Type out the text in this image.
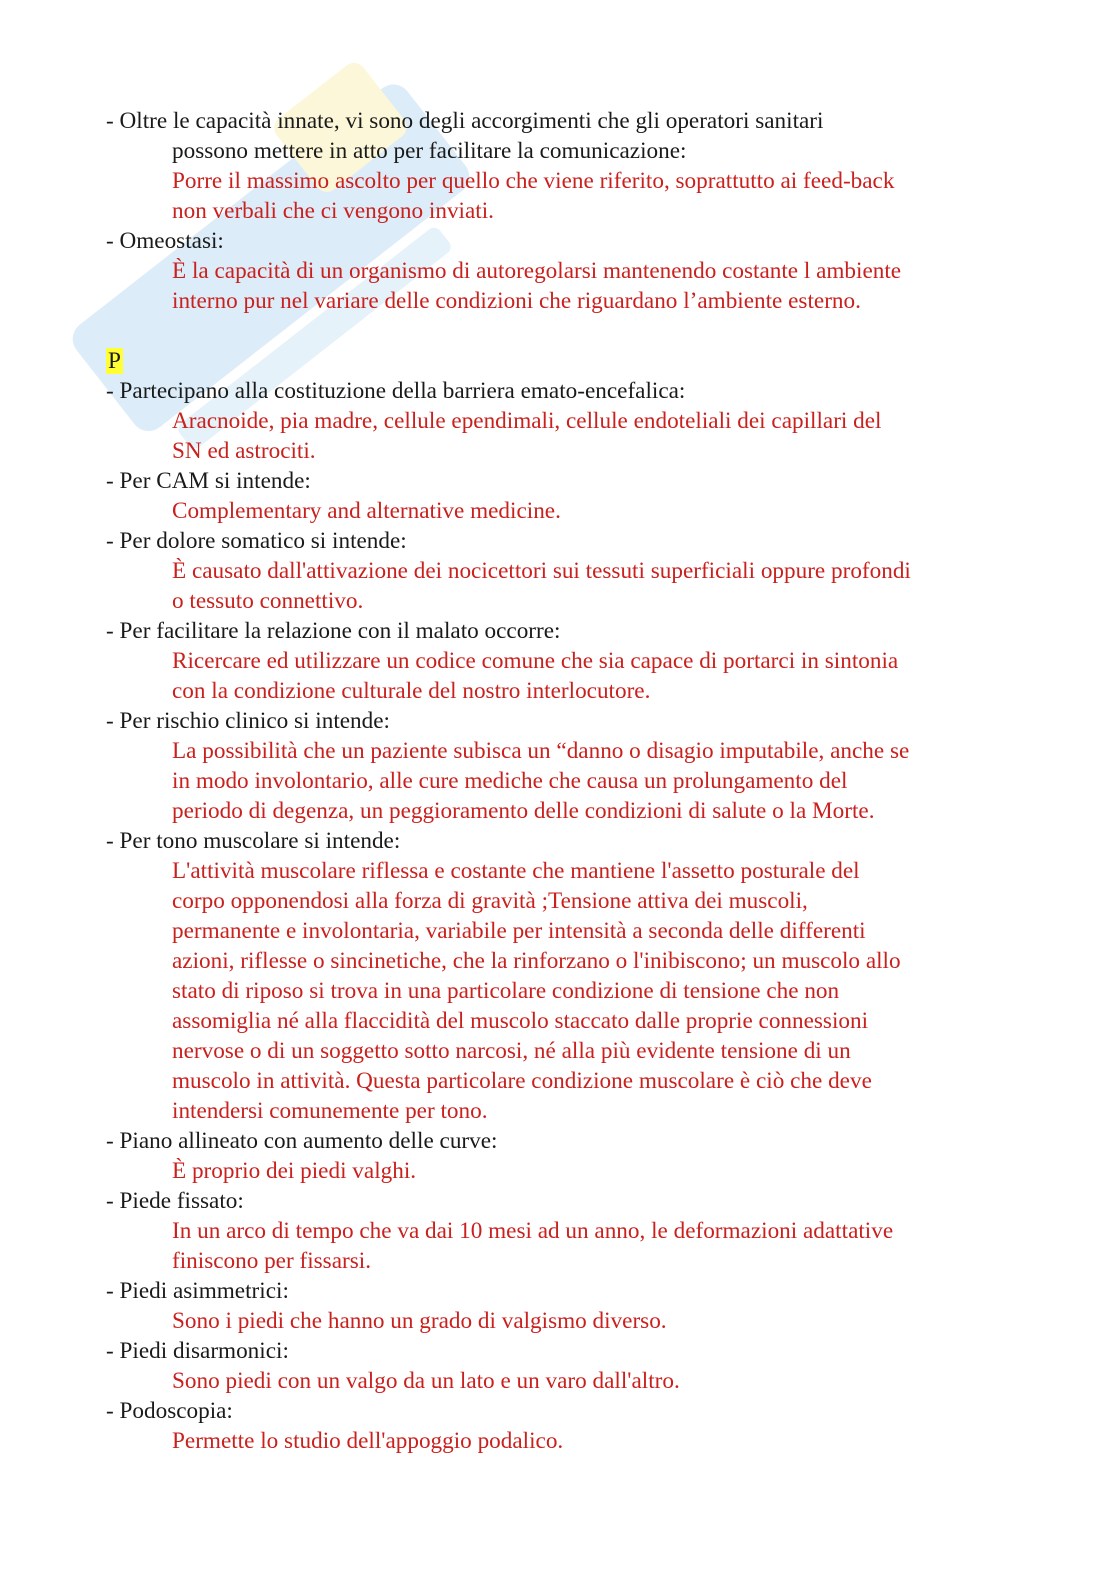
- Oltre le capacità innate, vi sono degli accorgimenti che gli operatori sanitari
possono mettere in atto per facilitare la comunicazione:
Porre il massimo ascolto per quello che viene riferito, soprattutto ai feed-back
non verbali che ci vengono inviati.
- Omeostasi:
È la capacità di un organismo di autoregolarsi mantenendo costante l ambiente
interno pur nel variare delle condizioni che riguardano l’ambiente esterno.
P
- Partecipano alla costituzione della barriera emato-encefalica:
Aracnoide, pia madre, cellule ependimali, cellule endoteliali dei capillari del
SN ed astrociti.
- Per CAM si intende:
Complementary and alternative medicine.
- Per dolore somatico si intende:
È causato dall'attivazione dei nocicettori sui tessuti superficiali oppure profondi
o tessuto connettivo.
- Per facilitare la relazione con il malato occorre:
Ricercare ed utilizzare un codice comune che sia capace di portarci in sintonia
con la condizione culturale del nostro interlocutore.
- Per rischio clinico si intende:
La possibilità che un paziente subisca un “danno o disagio imputabile, anche se
in modo involontario, alle cure mediche che causa un prolungamento del
periodo di degenza, un peggioramento delle condizioni di salute o la Morte.
- Per tono muscolare si intende:
L'attività muscolare riflessa e costante che mantiene l'assetto posturale del
corpo opponendosi alla forza di gravità ;Tensione attiva dei muscoli,
permanente e involontaria, variabile per intensità a seconda delle differenti
azioni, riflesse o sincinetiche, che la rinforzano o l'inibiscono; un muscolo allo
stato di riposo si trova in una particolare condizione di tensione che non
assomiglia né alla flaccidità del muscolo staccato dalle proprie connessioni
nervose o di un soggetto sotto narcosi, né alla più evidente tensione di un
muscolo in attività. Questa particolare condizione muscolare è ciò che deve
intendersi comunemente per tono.
- Piano allineato con aumento delle curve:
È proprio dei piedi valghi.
- Piede fissato:
In un arco di tempo che va dai 10 mesi ad un anno, le deformazioni adattative
finiscono per fissarsi.
- Piedi asimmetrici:
Sono i piedi che hanno un grado di valgismo diverso.
- Piedi disarmonici:
Sono piedi con un valgo da un lato e un varo dall'altro.
- Podoscopia:
Permette lo studio dell'appoggio podalico.
